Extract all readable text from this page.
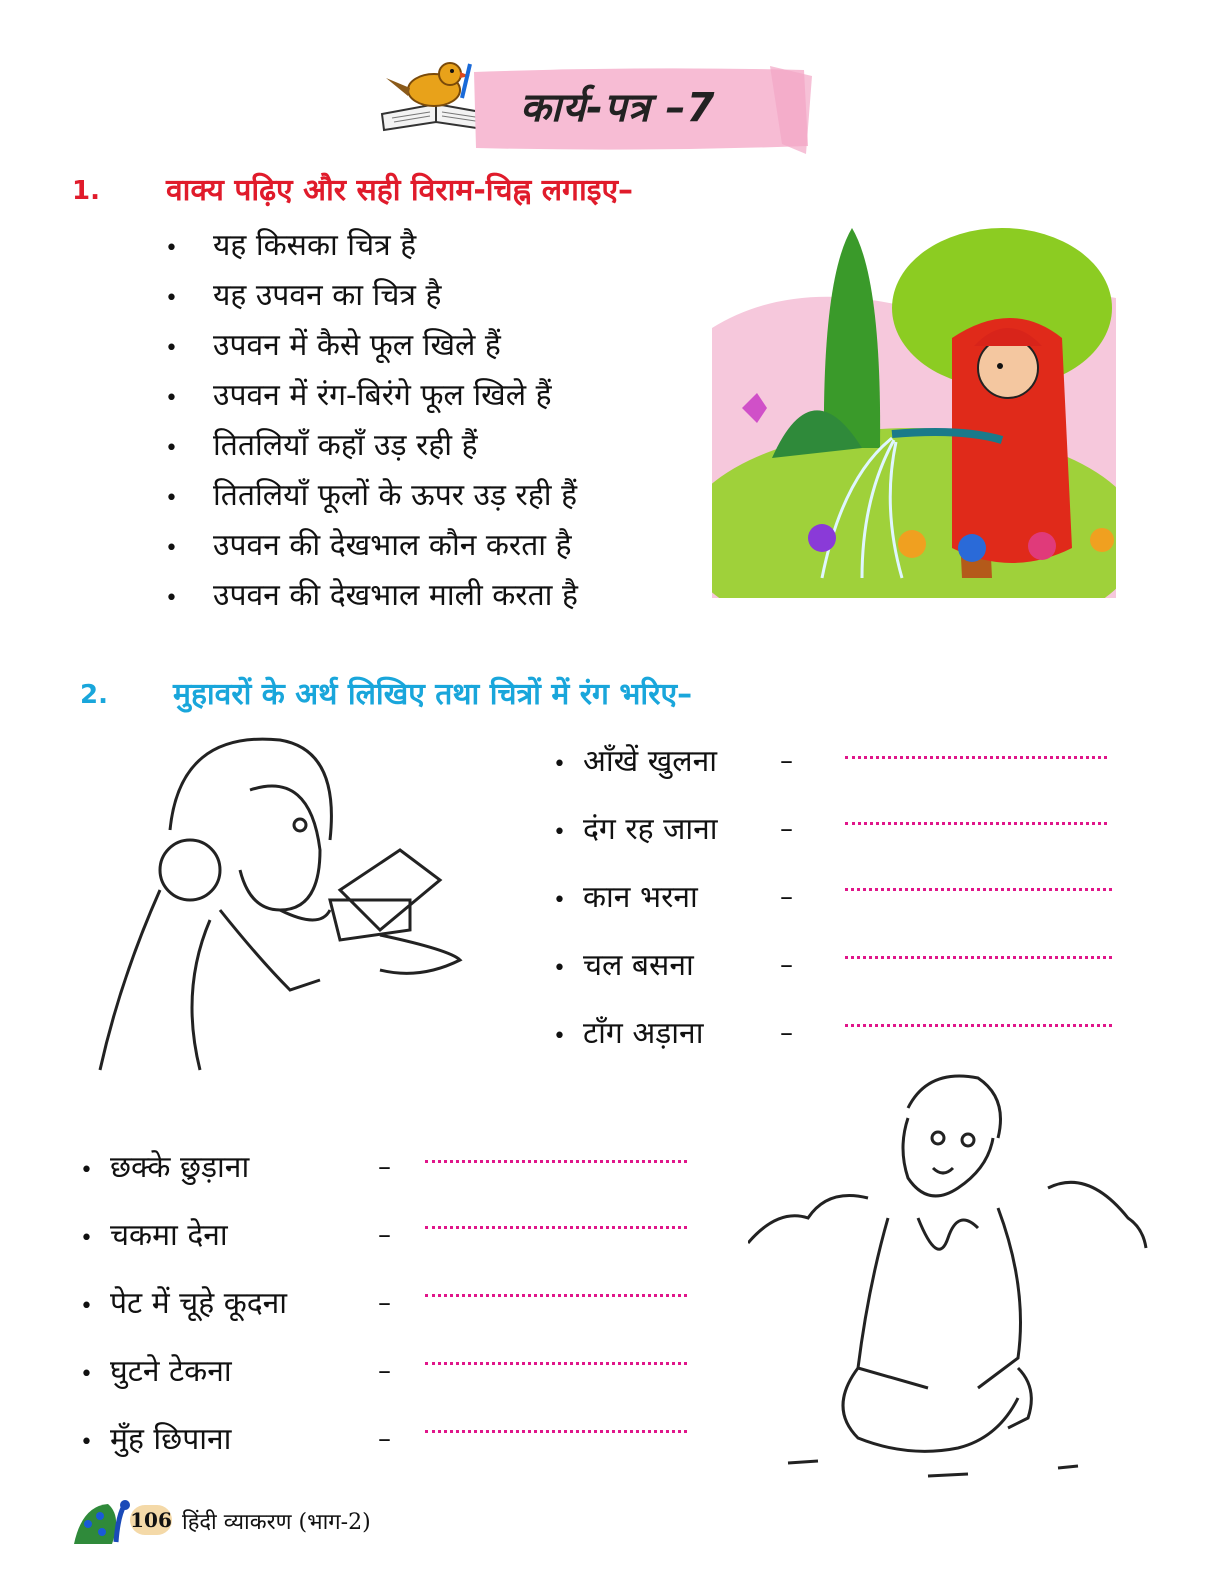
कार्य-पत्र –7
1. वाक्य पढ़िए और सही विराम-चिह्न लगाइए–
• यह किसका चित्र है
• यह उपवन का चित्र है
• उपवन में कैसे फूल खिले हैं
• उपवन में रंग-बिरंगे फूल खिले हैं
• तितलियाँ कहाँ उड़ रही हैं
• तितलियाँ फूलों के ऊपर उड़ रही हैं
• उपवन की देखभाल कौन करता है
• उपवन की देखभाल माली करता है
2. मुहावरों के अर्थ लिखिए तथा चित्रों में रंग भरिए–
• आँखें खुलना
• दंग रह जाना
• कान भरना
• चल बसना
• टाँग अड़ाना
–
–
–
–
–
• छक्के छुड़ाना
• चकमा देना
• पेट में चूहे कूदना
• घुटने टेकना
• मुँह छिपाना
–
–
–
–
–
106 हिंदी व्याकरण (भाग-2)
